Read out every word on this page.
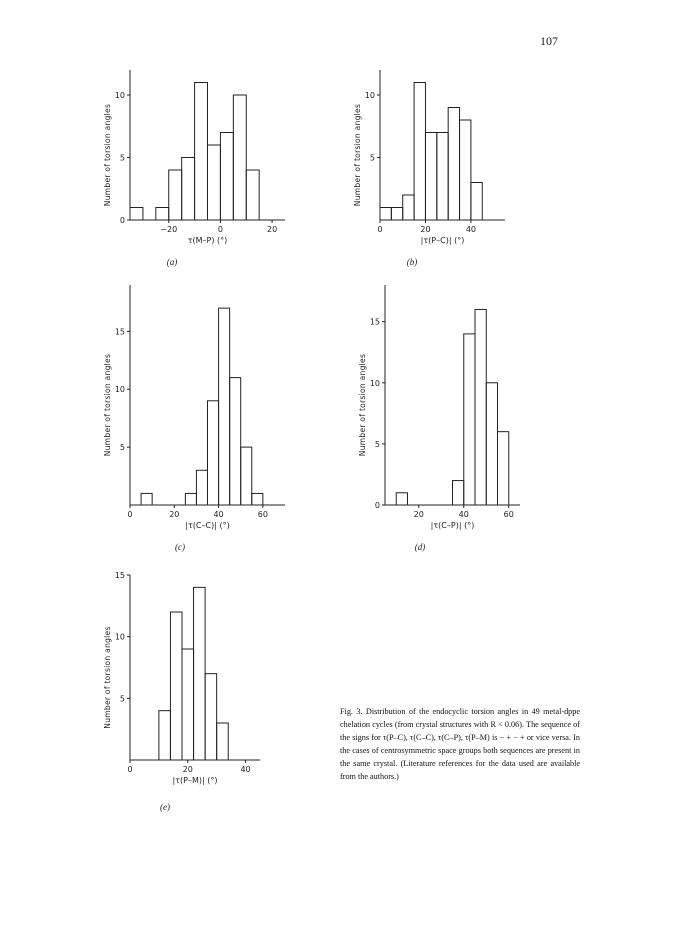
107
−20	0	20
0
5
10
τ(M–P) (°)
Number of torsion angles
(a)
0	20	40
5
10
|τ(P–C)| (°)
Number of torsion angles
(b)
0	20	40	60
5
10
15
|τ(C–C)| (°)
Number of torsion angles
(c)
20	40	60
0
5
10
15
|τ(C–P)| (°)
Number of torsion angles
(d)
0	20	40
5
10
15
|τ(P–M)| (°)
Number of torsion angles
(e)
Fig. 3. Distribution of the endocyclic torsion angles in 49 metal-dppe chelation cycles (from crystal structures with R < 0.06). The sequence of the signs for τ(P–C), τ(C–C), τ(C–P), τ(P–M) is − + − + or vice versa. In the cases of centrosymmetric space groups both sequences are present in the same crystal. (Literature references for the data used are available from the authors.)
